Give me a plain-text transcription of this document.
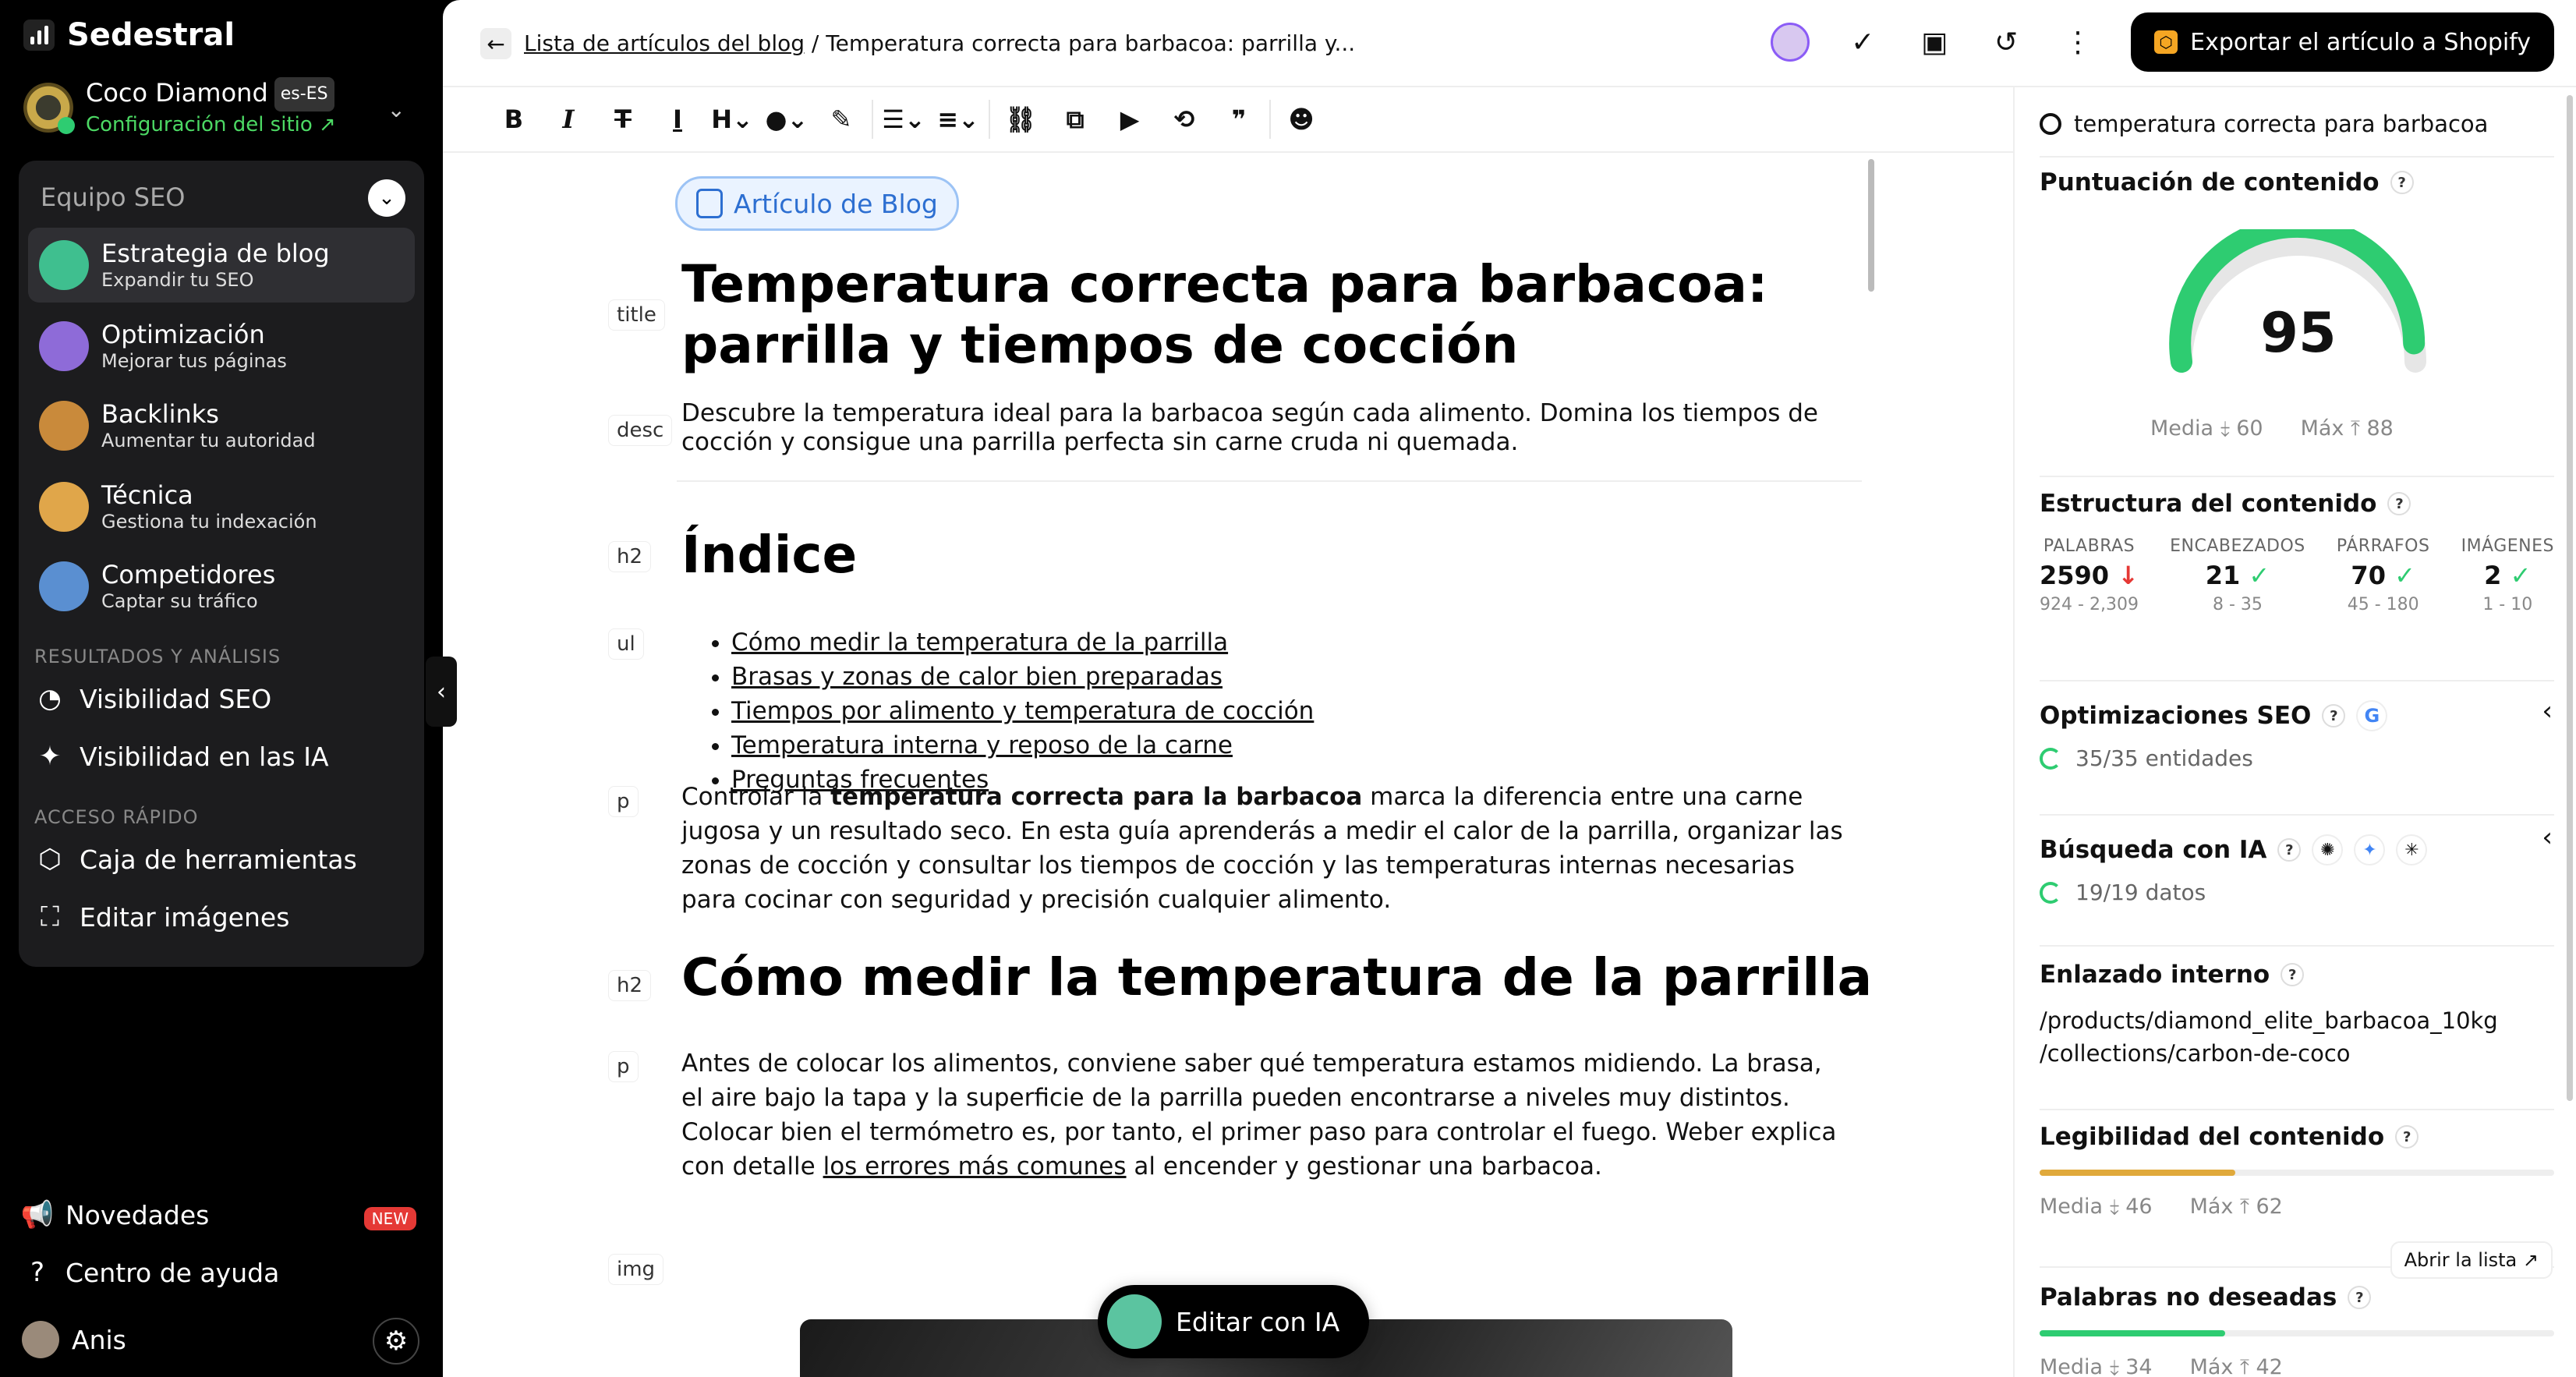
Sedestral
Coco Diamond es-ES
Configuración del sitio ↗
⌄
Equipo SEO	⌄
Estrategia de blog
Expandir tu SEO
Optimización
Mejorar tus páginas
Backlinks
Aumentar tu autoridad
Técnica
Gestiona tu indexación
Competidores
Captar su tráfico
RESULTADOS Y ANÁLISIS
◔ Visibilidad SEO
✦ Visibilidad en las IA
ACCESO RÁPIDO
⬡ Caja de herramientas
⛶ Editar imágenes
📢 Novedades	NEW
? Centro de ayuda
Anis	⚙
‹
← Lista de artículos del blog / Temperatura correcta para barbacoa: parrilla y...	✓ ▣ ↺ ⋮	⬡ Exportar el artículo a Shopify
B	I	T	I	H⌄ ●⌄ ✎	☰⌄ ≡⌄	⛓	⧉	▶	⟲	❞	☻
Artículo de Blog
title
Temperatura correcta para barbacoa: parrilla y tiempos de cocción
desc
Descubre la temperatura ideal para la barbacoa según cada alimento. Domina los tiempos de cocción y consigue una parrilla perfecta sin carne cruda ni quemada.
h2 Índice
ul
•	Cómo medir la temperatura de la parrilla
• Brasas y zonas de calor bien preparadas
• Tiempos por alimento y temperatura de cocción
• Temperatura interna y reposo de la carne
• Preguntas frecuentes
p	Controlar la temperatura correcta para la barbacoa marca la diferencia entre una carne jugosa y un resultado seco. En esta guía aprenderás a medir el calor de la parrilla, organizar las zonas de cocción y consultar los tiempos de cocción y las temperaturas internas necesarias para cocinar con seguridad y precisión cualquier alimento.
h2 Cómo medir la temperatura de la parrilla
p	Antes de colocar los alimentos, conviene saber qué temperatura estamos midiendo. La brasa, el aire bajo la tapa y la superficie de la parrilla pueden encontrarse a niveles muy distintos. Colocar bien el termómetro es, por tanto, el primer paso para controlar el fuego. Weber explica con detalle los errores más comunes al encender y gestionar una barbacoa.
img
Editar con IA
temperatura correcta para barbacoa
Puntuación de contenido	?
95
Media ⤈ 60 Máx ⤒ 88
Estructura del contenido	?
PALABRAS
2590 ↓
924 - 2,309
ENCABEZADOS
21 ✓
8 - 35
PÁRRAFOS
70 ✓
45 - 180
IMÁGENES
2 ✓
1 - 10
Optimizaciones SEO	?	G
35/35 entidades
‹
Búsqueda con IA	?	✺	✦	✳
19/19 datos
‹
Enlazado interno	?
/products/diamond_elite_barbacoa_10kg
/collections/carbon-de-coco
Legibilidad del contenido	?
Media ⤈ 46 Máx ⤒ 62
Palabras no deseadas	?
Media ⤈ 34 Máx ⤒ 42
Abrir la lista ↗
